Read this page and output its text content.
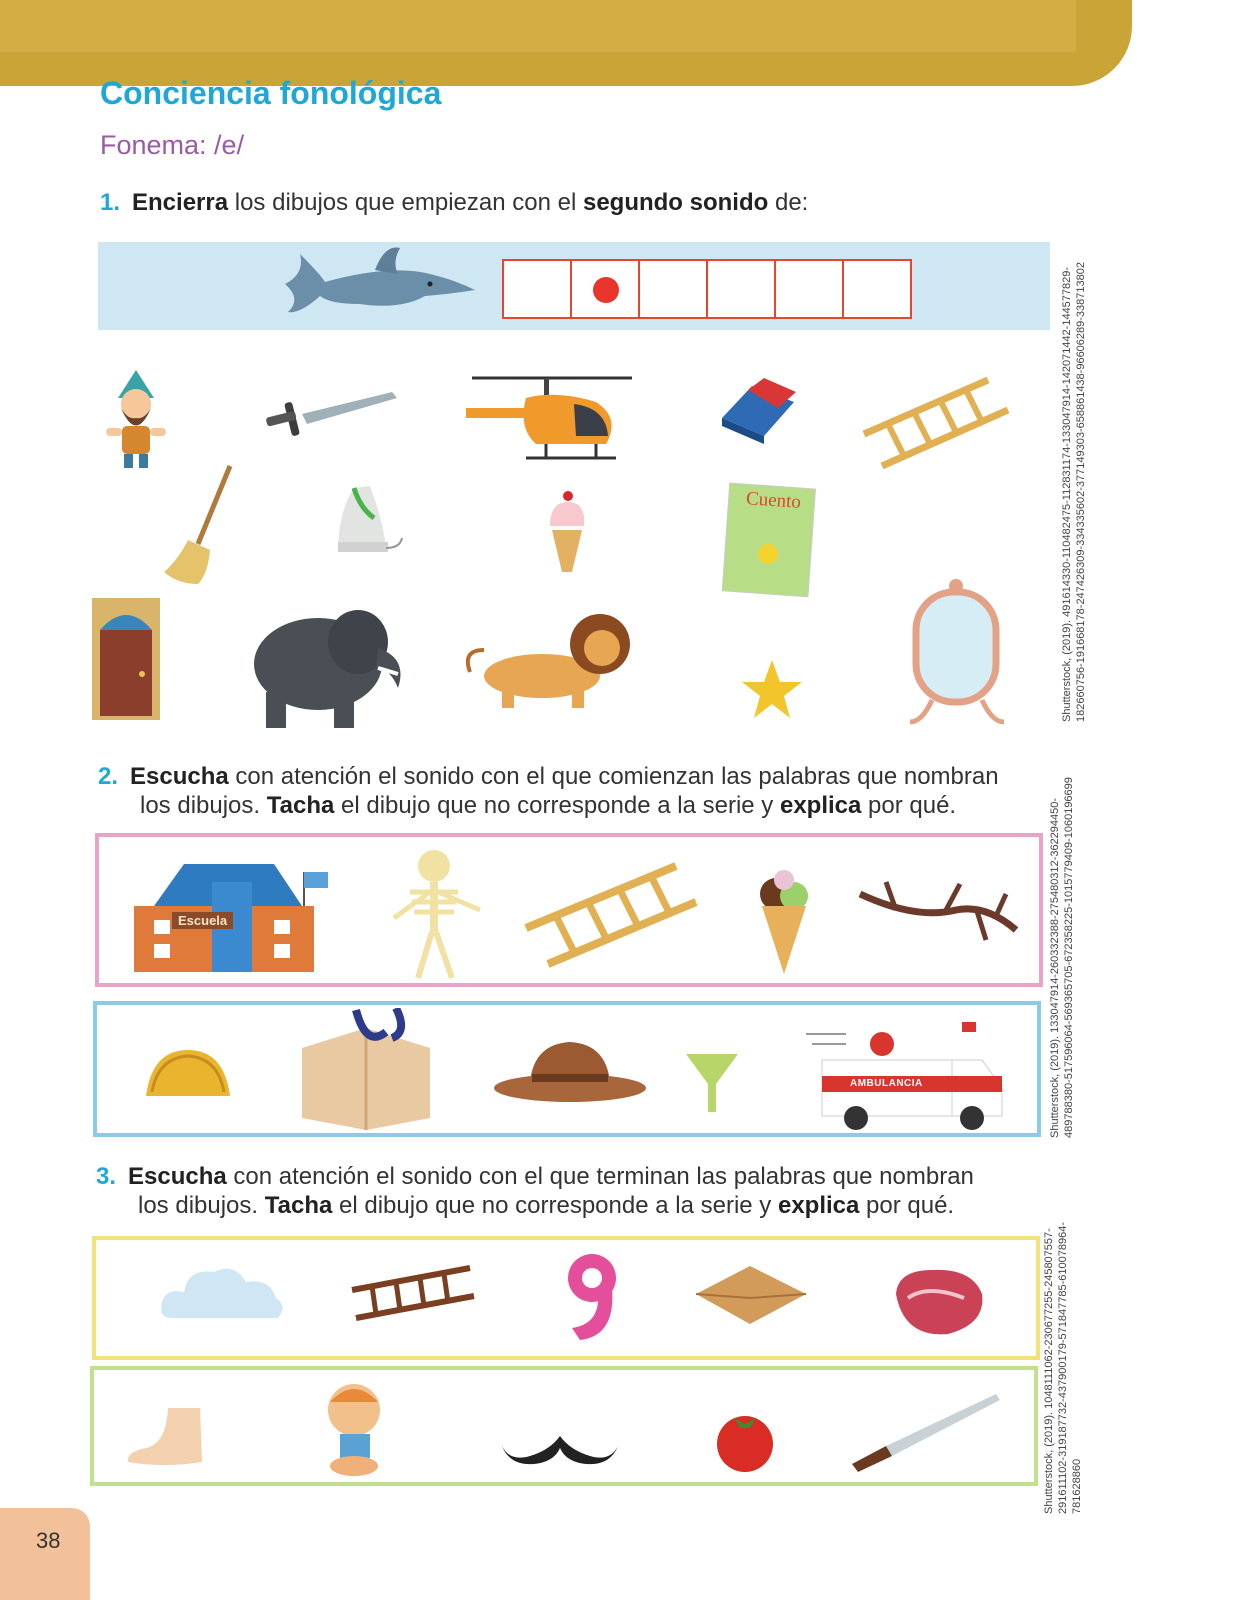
Conciencia fonológica
Fonema: /e/
1. Encierra los dibujos que empiezan con el segundo sonido de:
Cuento	Shutterstock, (2019). 491614330-110482475-112831174-133047914-142071442-144577829- 182660756-191668178-247426309-334335602-377149303-658861438-96606289-338713802
2. Escucha con atención el sonido con el que comienzan las palabras que nombran
los dibujos. Tacha el dibujo que no corresponde a la serie y explica por qué.
Escuela
AMBULANCIA	Shutterstock, (2019). 133047914-260332388-275480312-362294450- 489788380-517596064-569365705-672358225-1015779409-1060196699
3. Escucha con atención el sonido con el que terminan las palabras que nombran
los dibujos. Tacha el dibujo que no corresponde a la serie y explica por qué.
Shutterstock, (2019). 1048111062-230677255-245807557- 291611102-319187732-437900179-571847785-610078964- 781628860
38
